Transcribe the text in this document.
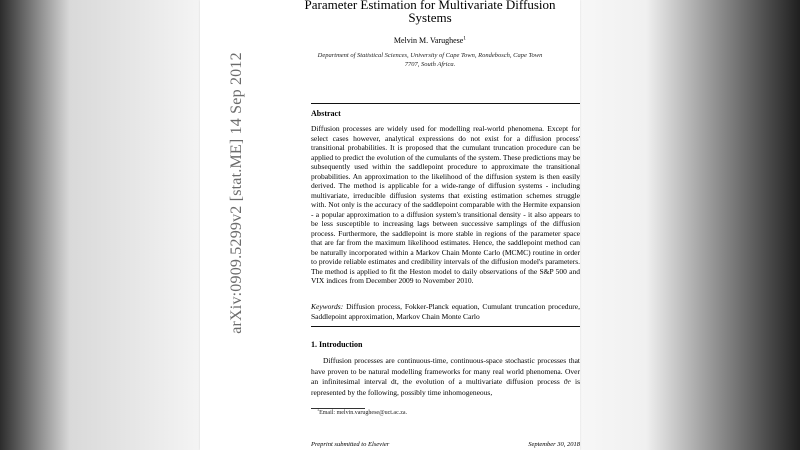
arXiv:0909.5299v2 [stat.ME] 14 Sep 2012
Parameter Estimation for Multivariate Diffusion Systems
Melvin M. Varughese$^1$
Department of Statistical Sciences, University of Cape Town, Rondebosch, Cape Town 7707, South Africa.
Abstract
Diffusion processes are widely used for modelling real-world phenomena. Except for select cases however, analytical expressions do not exist for a diffusion process' transitional probabilities. It is proposed that the cumulant truncation procedure can be applied to predict the evolution of the cumulants of the system. These predictions may be subsequently used within the saddlepoint procedure to approximate the transitional probabilities. An approximation to the likelihood of the diffusion system is then easily derived. The method is applicable for a wide-range of diffusion systems - including multivariate, irreducible diffusion systems that existing estimation schemes struggle with. Not only is the accuracy of the saddlepoint comparable with the Hermite expansion - a popular approximation to a diffusion system's transitional density - it also appears to be less susceptible to increasing lags between successive samplings of the diffusion process. Furthermore, the saddlepoint is more stable in regions of the parameter space that are far from the maximum likelihood estimates. Hence, the saddlepoint method can be naturally incorporated within a Markov Chain Monte Carlo (MCMC) routine in order to provide reliable estimates and credibility intervals of the diffusion model's parameters. The method is applied to fit the Heston model to daily observations of the S&P 500 and VIX indices from December 2009 to November 2010.
Keywords: Diffusion process, Fokker-Planck equation, Cumulant truncation procedure, Saddlepoint approximation, Markov Chain Monte Carlo
1. Introduction
Diffusion processes are continuous-time, continuous-space stochastic processes that have proven to be natural modelling frameworks for many real world phenomena. Over an infinitesimal interval dt, the evolution of a multivariate diffusion process ϑₜˢ is represented by the following, possibly time inhomogeneous,
$^1$Email: melvin.varughese@uct.ac.za.
Preprint submitted to Elsevier	September 30, 2018
